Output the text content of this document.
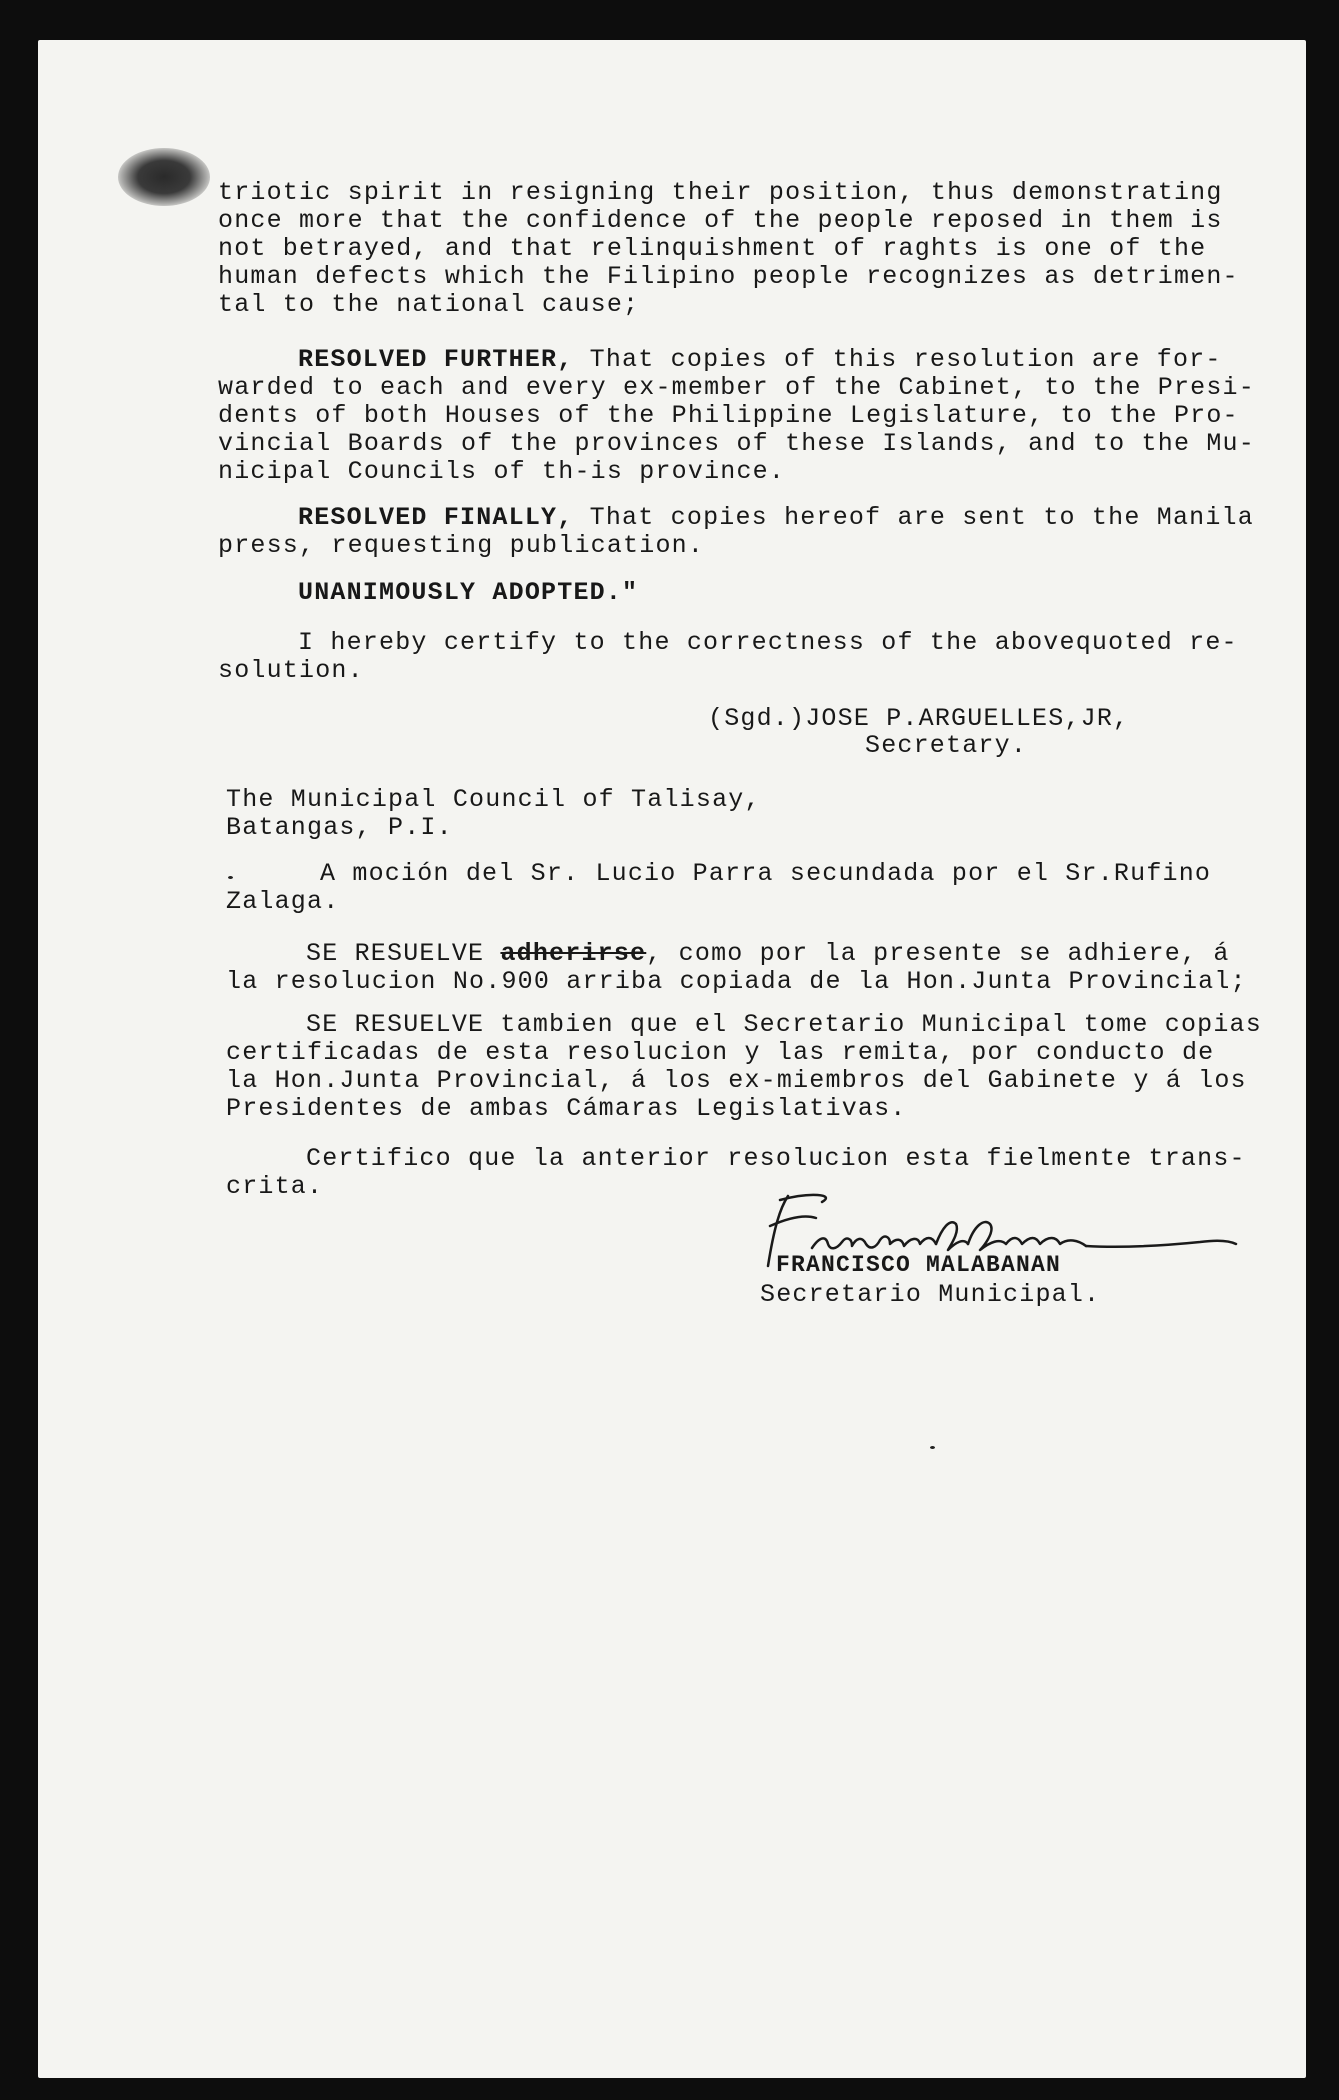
triotic spirit in resigning their position, thus demonstrating

once more that the confidence of the people reposed in them is

not betrayed, and that relinquishment of raghts is one of the

human defects which the Filipino people recognizes as detrimen-

tal to the national cause;

RESOLVED FURTHER, That copies of this resolution are for-

warded to each and every ex-member of the Cabinet, to the Presi-

dents of both Houses of the Philippine Legislature, to the Pro-

vincial Boards of the provinces of these Islands, and to the Mu-

nicipal Councils of th-is province.

RESOLVED FINALLY, That copies hereof are sent to the Manila

press, requesting publication.

UNANIMOUSLY ADOPTED."

I hereby certify to the correctness of the abovequoted re-

solution.

(Sgd.)JOSE P.ARGUELLES,JR,

Secretary.

The Municipal Council of Talisay,

Batangas, P.I.

A moción del Sr. Lucio Parra secundada por el Sr.Rufino

Zalaga.

SE RESUELVE adherirse, como por la presente se adhiere, á

la resolucion No.900 arriba copiada de la Hon.Junta Provincial;

SE RESUELVE tambien que el Secretario Municipal tome copias

certificadas de esta resolucion y las remita, por conducto de

la Hon.Junta Provincial, á los ex-miembros del Gabinete y á los

Presidentes de ambas Cámaras Legislativas.

Certifico que la anterior resolucion esta fielmente trans-

crita.

FRANCISCO MALABANAN

Secretario Municipal.
